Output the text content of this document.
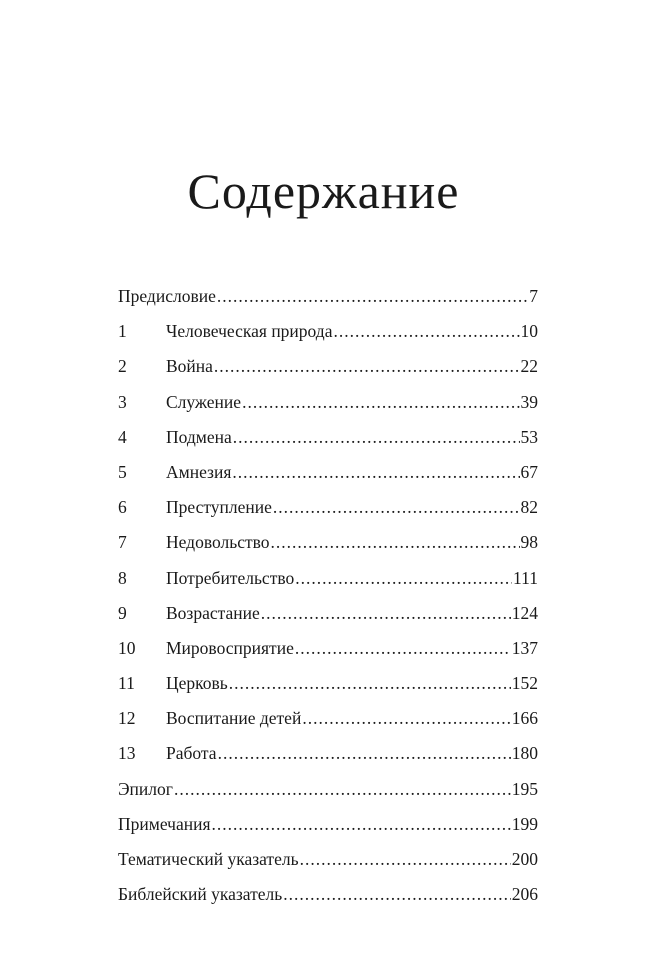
Содержание
Предисловие .....	7
1	Человеческая природа .....	10
2	Война .....	22
3	Служение .....	39
4	Подмена .....	53
5	Амнезия .....	67
6	Преступление .....	82
7	Недовольство .....	98
8	Потребительство .....	111
9	Возрастание .....	124
10	Мировосприятие .....	137
11	Церковь .....	152
12	Воспитание детей .....	166
13	Работа .....	180
Эпилог .....	195
Примечания .....	199
Тематический указатель .....	200
Библейский указатель .....	206
